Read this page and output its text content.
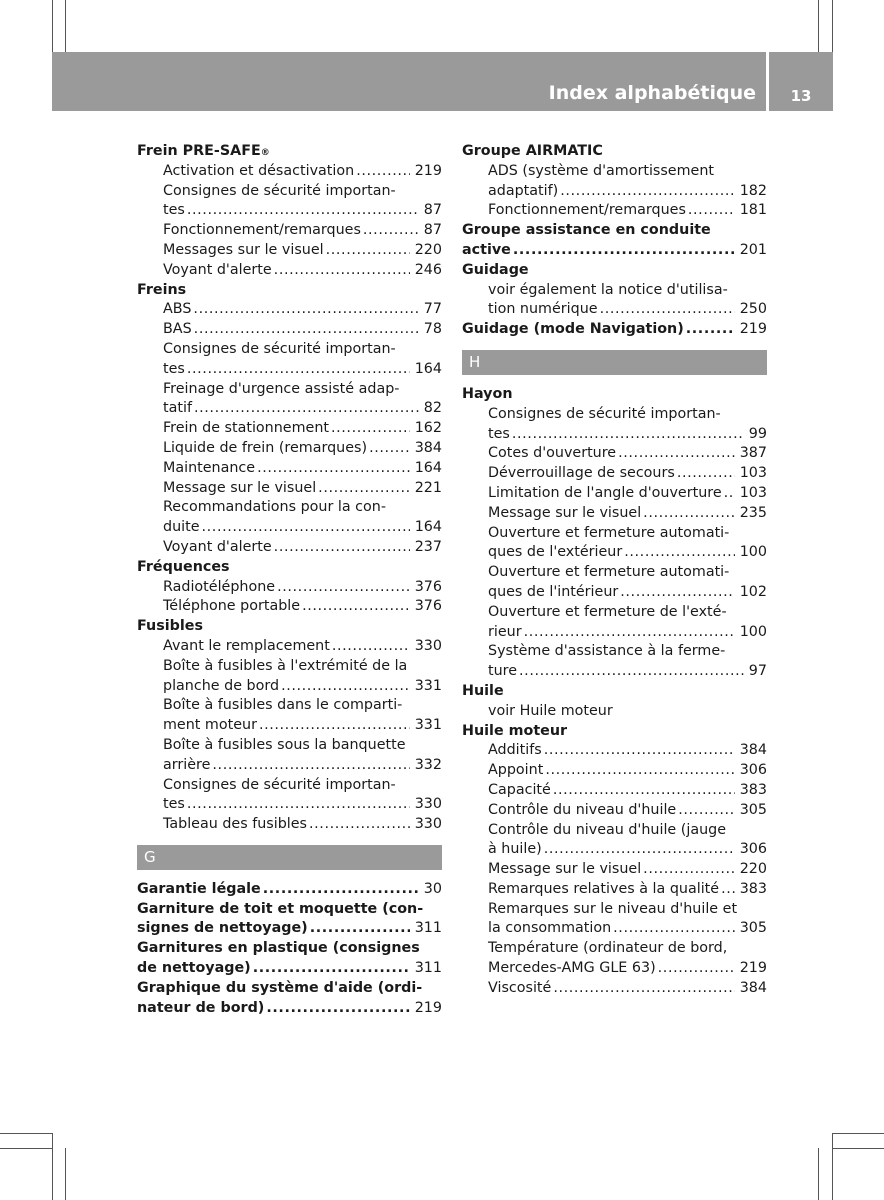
Index alphabétique	13
Frein PRE-SAFE ®
Activation et désactivation .....	219
Consignes de sécurité importan-
tes .....	87
Fonctionnement/remarques .....	87
Messages sur le visuel .....	220
Voyant d'alerte .....	246
Freins
ABS .....	77
BAS .....	78
Consignes de sécurité importan-
tes .....	164
Freinage d'urgence assisté adap-
tatif .....	82
Frein de stationnement .....	162
Liquide de frein (remarques) .....	384
Maintenance .....	164
Message sur le visuel .....	221
Recommandations pour la con-
duite .....	164
Voyant d'alerte .....	237
Fréquences
Radiotéléphone .....	376
Téléphone portable .....	376
Fusibles
Avant le remplacement .....	330
Boîte à fusibles à l'extrémité de la
planche de bord .....	331
Boîte à fusibles dans le comparti-
ment moteur .....	331
Boîte à fusibles sous la banquette
arrière .....	332
Consignes de sécurité importan-
tes .....	330
Tableau des fusibles .....	330
G
Garantie légale .....	30
Garniture de toit et moquette (con-
signes de nettoyage) .....	311
Garnitures en plastique (consignes
de nettoyage) .....	311
Graphique du système d'aide (ordi-
nateur de bord) .....	219
Groupe AIRMATIC
ADS (système d'amortissement
adaptatif) .....	182
Fonctionnement/remarques .....	181
Groupe assistance en conduite
active .....	201
Guidage
voir également la notice d'utilisa-
tion numérique .....	250
Guidage (mode Navigation) .....	219
H
Hayon
Consignes de sécurité importan-
tes .....	99
Cotes d'ouverture .....	387
Déverrouillage de secours .....	103
Limitation de l'angle d'ouverture ..... 103
Message sur le visuel .....	235
Ouverture et fermeture automati-
ques de l'extérieur .....	100
Ouverture et fermeture automati-
ques de l'intérieur .....	102
Ouverture et fermeture de l'exté-
rieur .....	100
Système d'assistance à la ferme-
ture .....	97
Huile
voir Huile moteur
Huile moteur
Additifs .....	384
Appoint .....	306
Capacité .....	383
Contrôle du niveau d'huile .....	305
Contrôle du niveau d'huile (jauge
à huile) .....	306
Message sur le visuel .....	220
Remarques relatives à la qualité ..... 383
Remarques sur le niveau d'huile et
la consommation .....	305
Température (ordinateur de bord,
Mercedes-AMG GLE 63) .....	219
Viscosité .....	384
